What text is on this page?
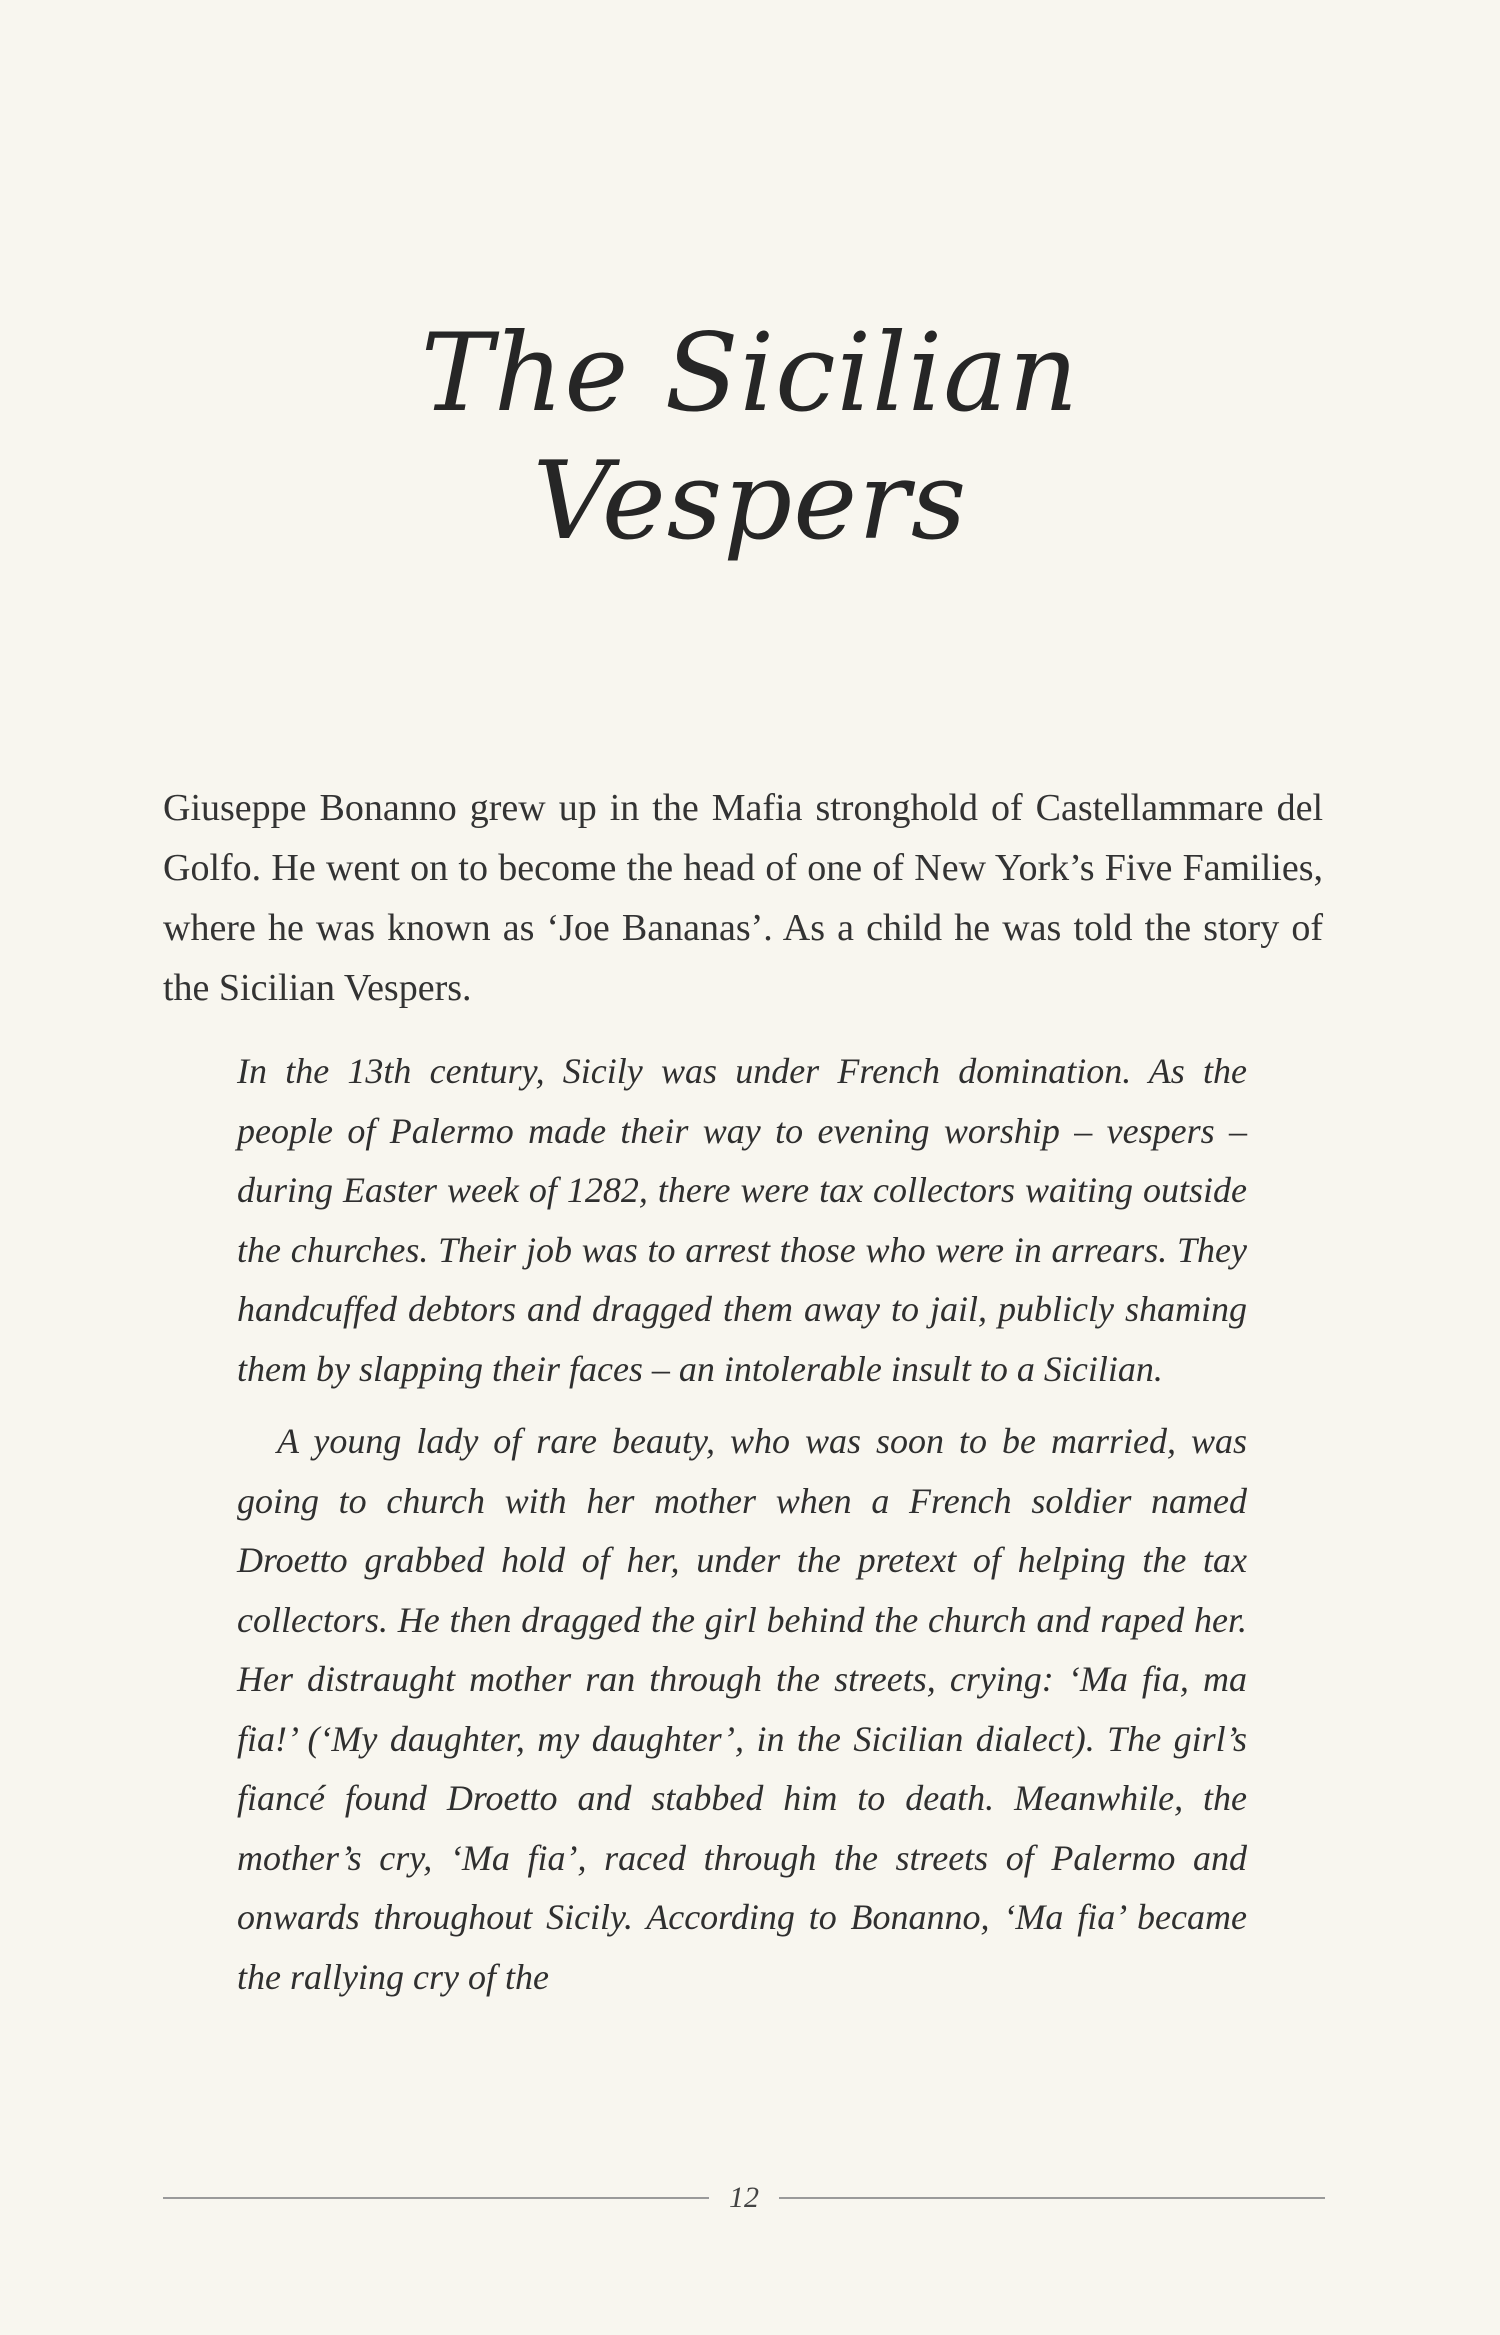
The Sicilian
Vespers

Giuseppe Bonanno grew up in the Mafia stronghold of Castellammare del Golfo. He went on to become the head of one of New York’s Five Families, where he was known as ‘Joe Bananas’. As a child he was told the story of the Sicilian Vespers.

In the 13th century, Sicily was under French domination. As the people of Palermo made their way to evening worship – vespers – during Easter week of 1282, there were tax collectors waiting outside the churches. Their job was to arrest those who were in arrears. They handcuffed debtors and dragged them away to jail, publicly shaming them by slapping their faces – an intolerable insult to a Sicilian.

A young lady of rare beauty, who was soon to be married, was going to church with her mother when a French soldier named Droetto grabbed hold of her, under the pretext of helping the tax collectors. He then dragged the girl behind the church and raped her. Her distraught mother ran through the streets, crying: ‘Ma fia, ma fia!’ (‘My daughter, my daughter’, in the Sicilian dialect). The girl’s fiancé found Droetto and stabbed him to death. Meanwhile, the mother’s cry, ‘Ma fia’, raced through the streets of Palermo and onwards throughout Sicily. According to Bonanno, ‘Ma fia’ became the rallying cry of the

12
